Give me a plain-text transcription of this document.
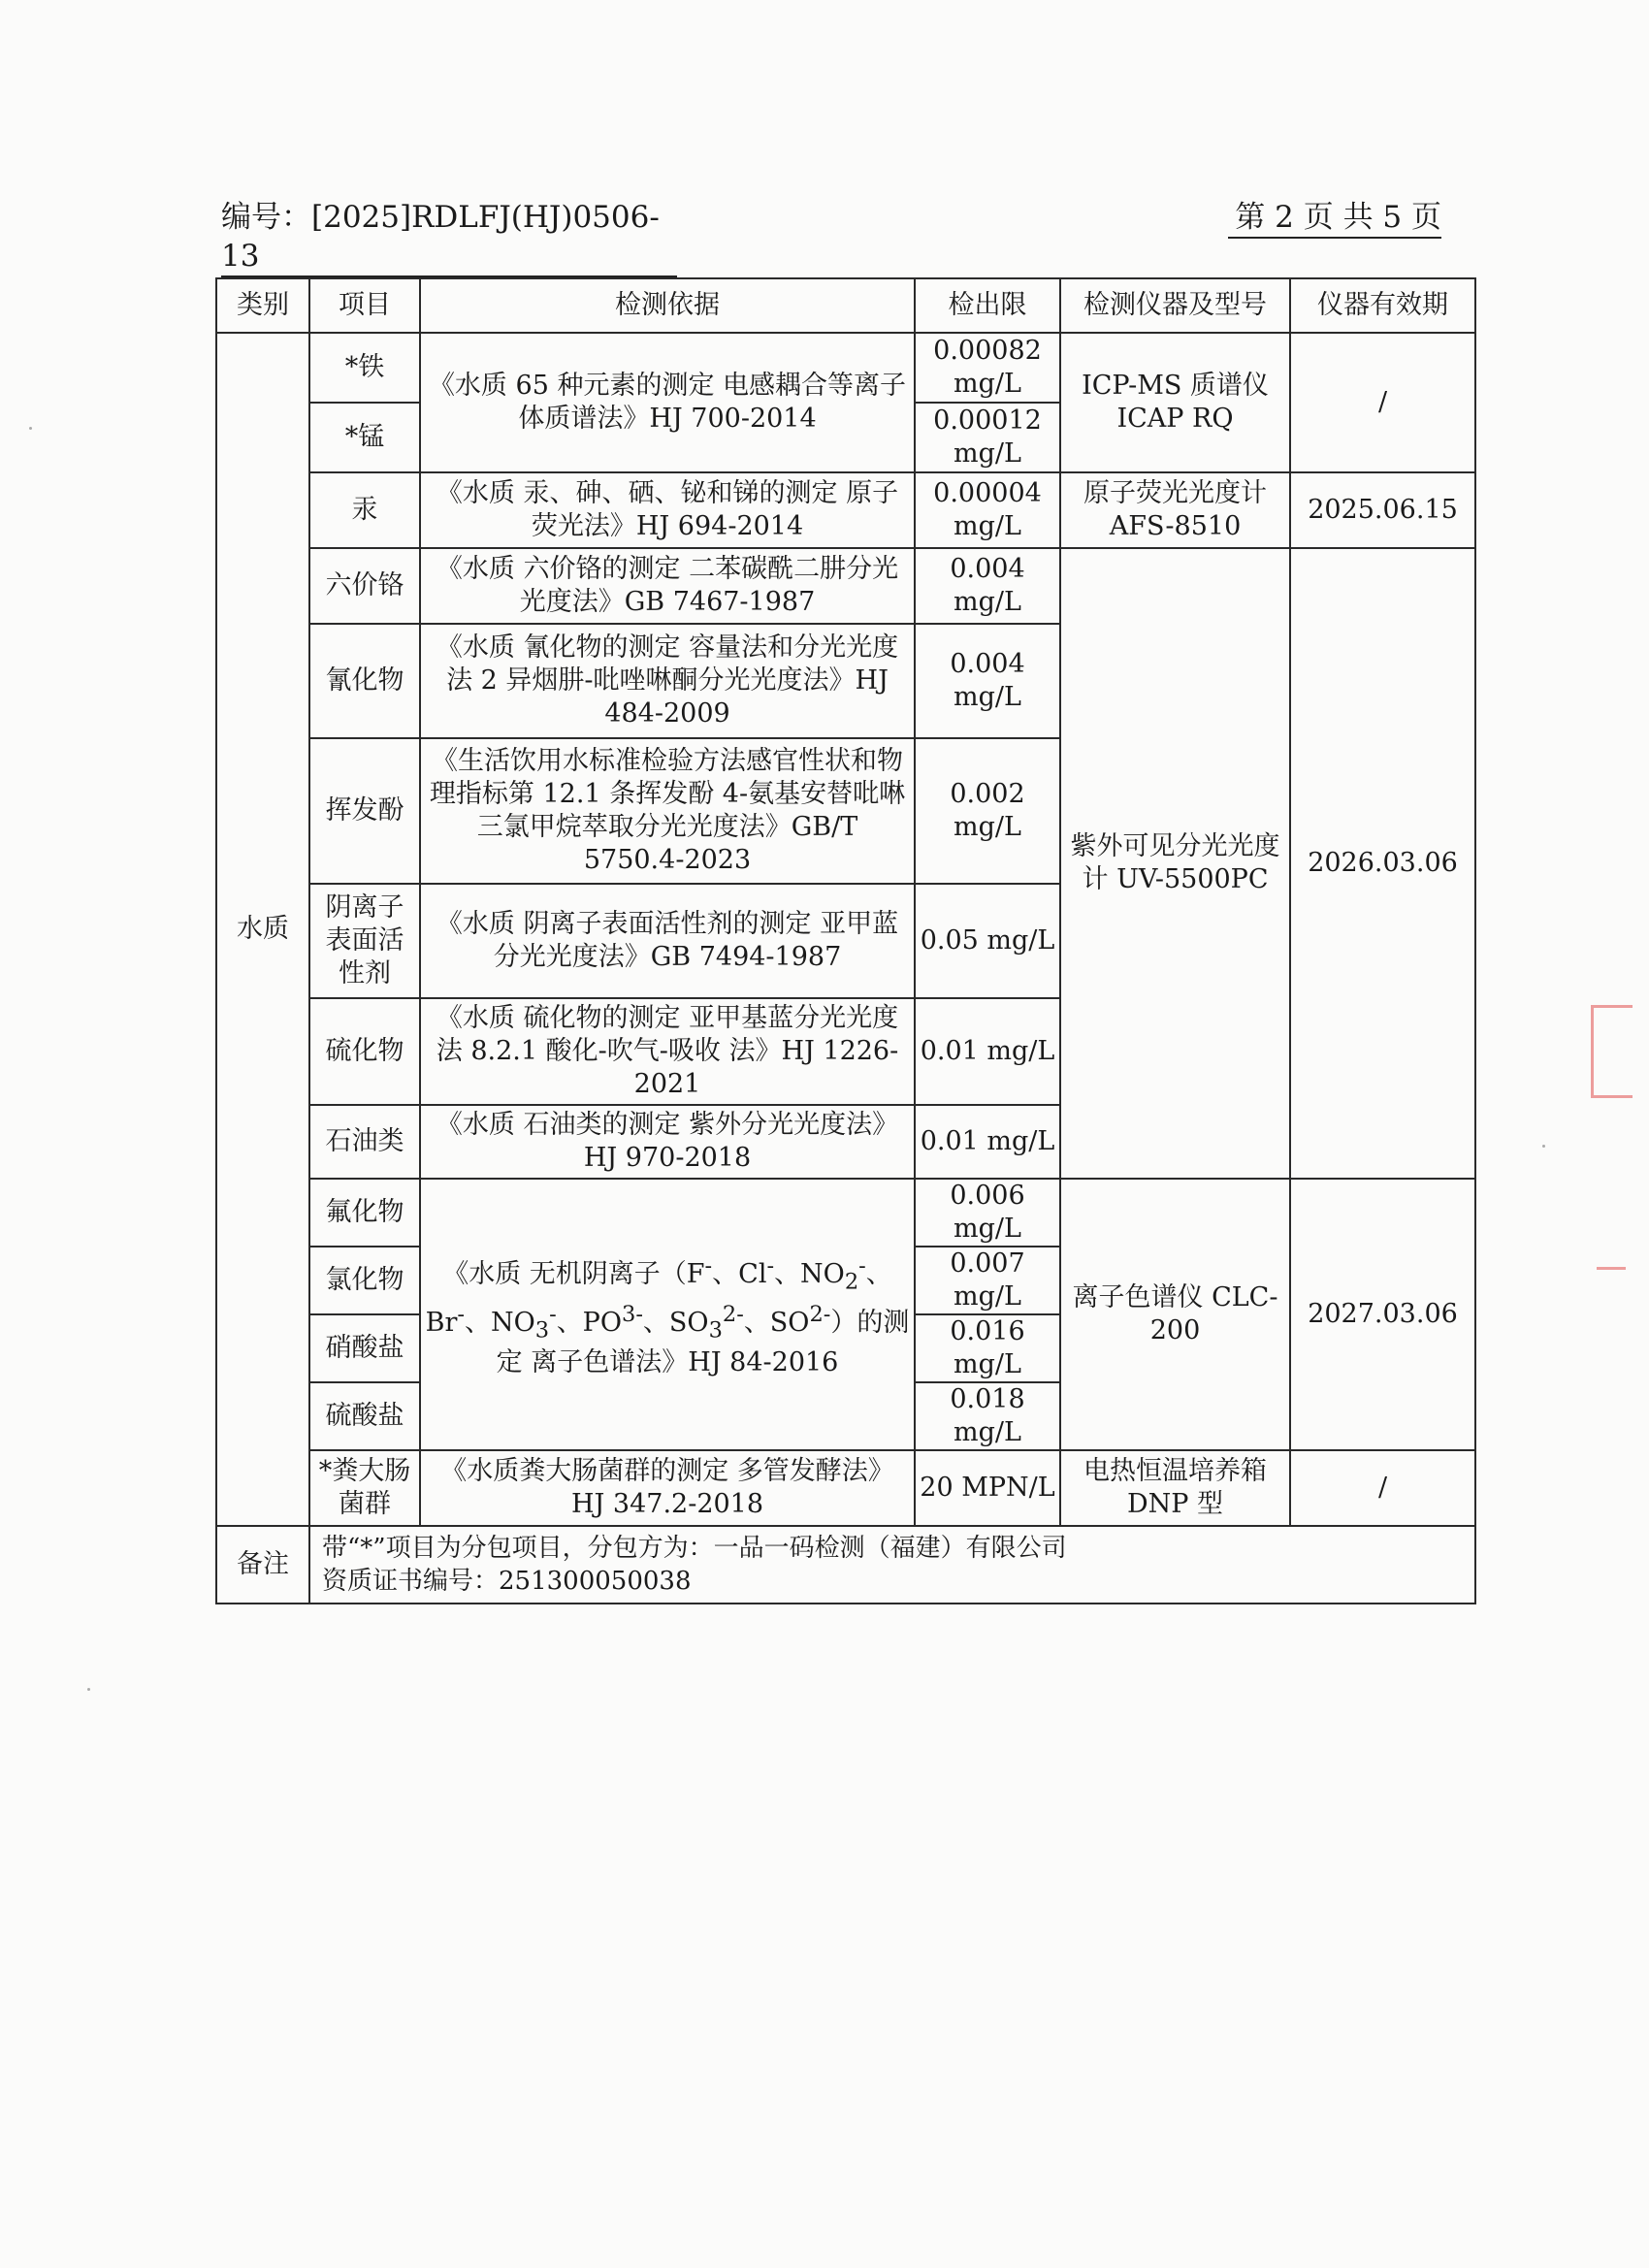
编号：[2025]RDLFJ(HJ)0506-13
第 2 页 共 5 页
类别	项目	检测依据	检出限	检测仪器及型号	仪器有效期
水质	*铁	《水质 65 种元素的测定 电感耦合等离子体质谱法》HJ 700-2014	0.00082 mg/L	ICP-MS 质谱仪 ICAP RQ	/
	*锰		0.00012 mg/L		
	汞	《水质 汞、砷、硒、铋和锑的测定 原子荧光法》HJ 694-2014	0.00004 mg/L	原子荧光光度计 AFS-8510	2025.06.15
	六价铬	《水质 六价铬的测定 二苯碳酰二肼分光光度法》GB 7467-1987	0.004 mg/L	紫外可见分光光度计 UV-5500PC	2026.03.06
	氰化物	《水质 氰化物的测定 容量法和分光光度法 2 异烟肼-吡唑啉酮分光光度法》HJ 484-2009	0.004 mg/L		
	挥发酚	《生活饮用水标准检验方法感官性状和物理指标第 12.1 条挥发酚 4-氨基安替吡啉三氯甲烷萃取分光光度法》GB/T 5750.4-2023	0.002 mg/L		
	阴离子表面活性剂	《水质 阴离子表面活性剂的测定 亚甲蓝分光光度法》GB 7494-1987	0.05 mg/L		
	硫化物	《水质 硫化物的测定 亚甲基蓝分光光度法 8.2.1 酸化-吹气-吸收 法》HJ 1226-2021	0.01 mg/L		
	石油类	《水质 石油类的测定 紫外分光光度法》HJ 970-2018	0.01 mg/L		
	氟化物	《水质 无机阴离子（F-、Cl-、$NO_2^-$、Br-、$NO_3^-$、$PO^{3-}$、$SO_3^{2-}$、$SO^{2-}$）的测定 离子色谱法》HJ 84-2016	0.006 mg/L	离子色谱仪 CLC-200	2027.03.06
	氯化物		0.007 mg/L		
	硝酸盐		0.016 mg/L		
	硫酸盐		0.018 mg/L		
	*粪大肠菌群	《水质粪大肠菌群的测定 多管发酵法》HJ 347.2-2018	20 MPN/L	电热恒温培养箱 DNP 型	/
备注	带“*”项目为分包项目，分包方为：一品一码检测（福建）有限公司
资质证书编号：251300050038				
